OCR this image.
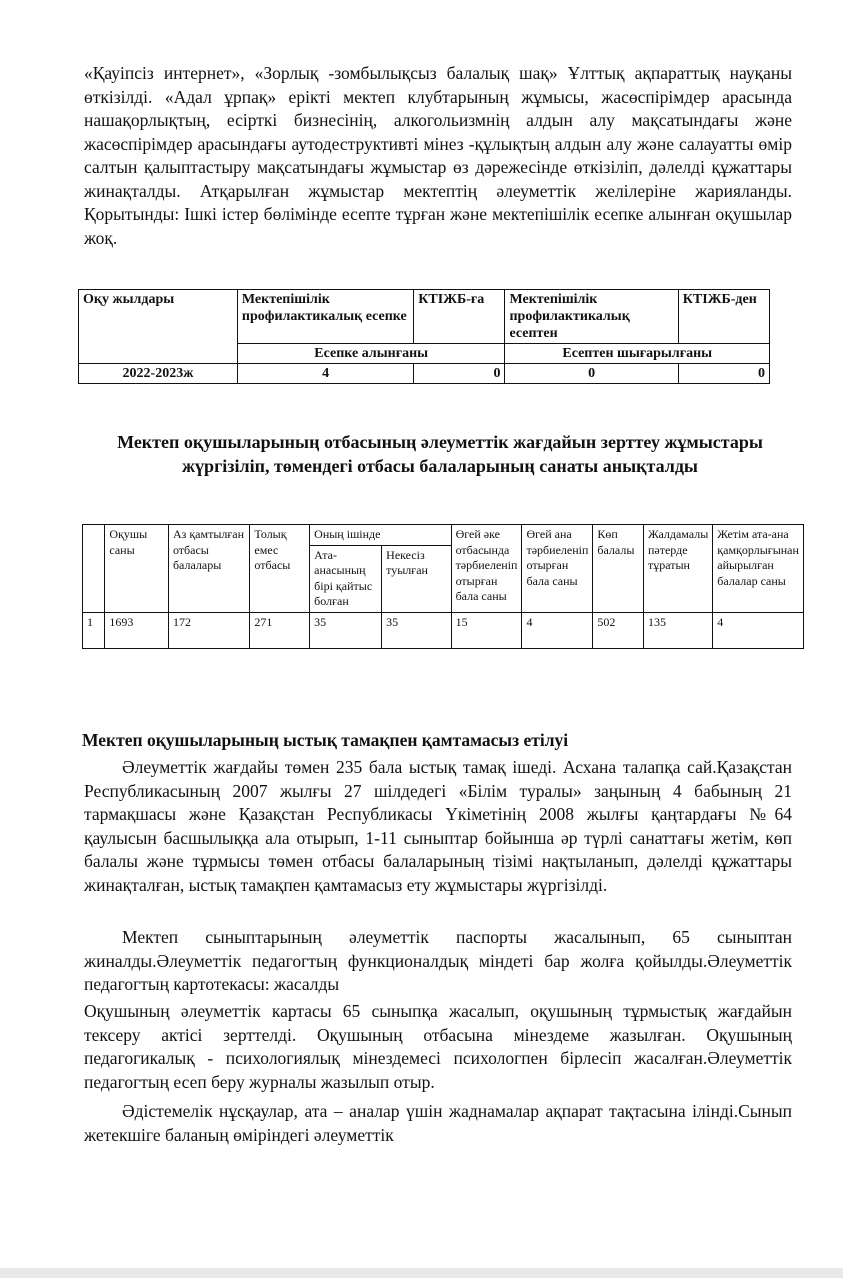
«Қауіпсіз интернет», «Зорлық -зомбылықсыз балалық шақ» Ұлттық ақпараттық науқаны өткізілді. «Адал ұрпақ» ерікті мектеп клубтарының жұмысы, жасөспірімдер арасында нашақорлықтың, есірткі бизнесінің, алкогольизмнің алдын алу мақсатындағы және жасөспірімдер арасындағы аутодеструктивті мінез -құлықтың алдын алу және салауатты өмір салтын қалыптастыру мақсатындағы жұмыстар өз дәрежесінде өткізіліп, дәлелді құжаттары жинақталды. Атқарылған жұмыстар мектептің әлеуметтік желілеріне жарияланды. Қорытынды: Ішкі істер бөлімінде есепте тұрған және мектепішілік есепке алынған оқушылар жоқ.

Оқу жылдары	Мектепішілік профилактикалық есепке	КТІЖБ-ға	Мектепішілік профилактикалық есептен	КТІЖБ-ден
	Есепке алынғаны		Есептен шығарылғаны	
2022-2023ж	4	0	0	0
Мектеп оқушыларының отбасының әлеуметтік жағдайын зерттеу жұмыстары жүргізіліп, төмендегі отбасы балаларының санаты анықталды
	Оқушы саны	Аз қамтылған отбасы балалары	Толық емес отбасы	Оның ішінде		Өгей әке отбасында тәрбиеленіп отырған бала саны	Өгей ана тәрбиеленіп отырған бала саны	Көп балалы	Жалдамалы пәтерде тұратын	Жетім ата-ана қамқорлығынан айырылған балалар саны
				Ата-анасының бірі қайтыс болған	Некесіз туылған					
1	1693	172	271	35	35	15	4	502	135	4
Мектеп оқушыларының ыстық тамақпен қамтамасыз етілуі

Әлеуметтік жағдайы төмен 235 бала ыстық тамақ ішеді. Асхана талапқа сай.Қазақстан Республикасының 2007 жылғы 27 шілдедегі «Білім туралы» заңының 4 бабының 21 тармақшасы және Қазақстан Республикасы Үкіметінің 2008 жылғы қаңтардағы №64 қаулысын басшылыққа ала отырып, 1-11 сыныптар бойынша әр түрлі санаттағы жетім, көп балалы және тұрмысы төмен отбасы балаларының тізімі нақтыланып, дәлелді құжаттары жинақталған, ыстық тамақпен қамтамасыз ету жұмыстары жүргізілді.

Мектеп сыныптарының әлеуметтік паспорты жасалынып, 65 сыныптан жиналды.Әлеуметтік педагогтың функционалдық міндеті бар жолға қойылды.Әлеуметтік педагогтың картотекасы: жасалды

Оқушының әлеуметтік картасы 65 сыныпқа жасалып, оқушының тұрмыстық жағдайын тексеру актісі зерттелді. Оқушының отбасына мінездеме жазылған. Оқушының педагогикалық - психологиялық мінездемесі психологпен бірлесіп жасалған.Әлеуметтік педагогтың есеп беру журналы жазылып отыр.

Әдістемелік нұсқаулар, ата – аналар үшін жаднамалар ақпарат тақтасына ілінді.Сынып жетекшіге баланың өміріндегі әлеуметтік
